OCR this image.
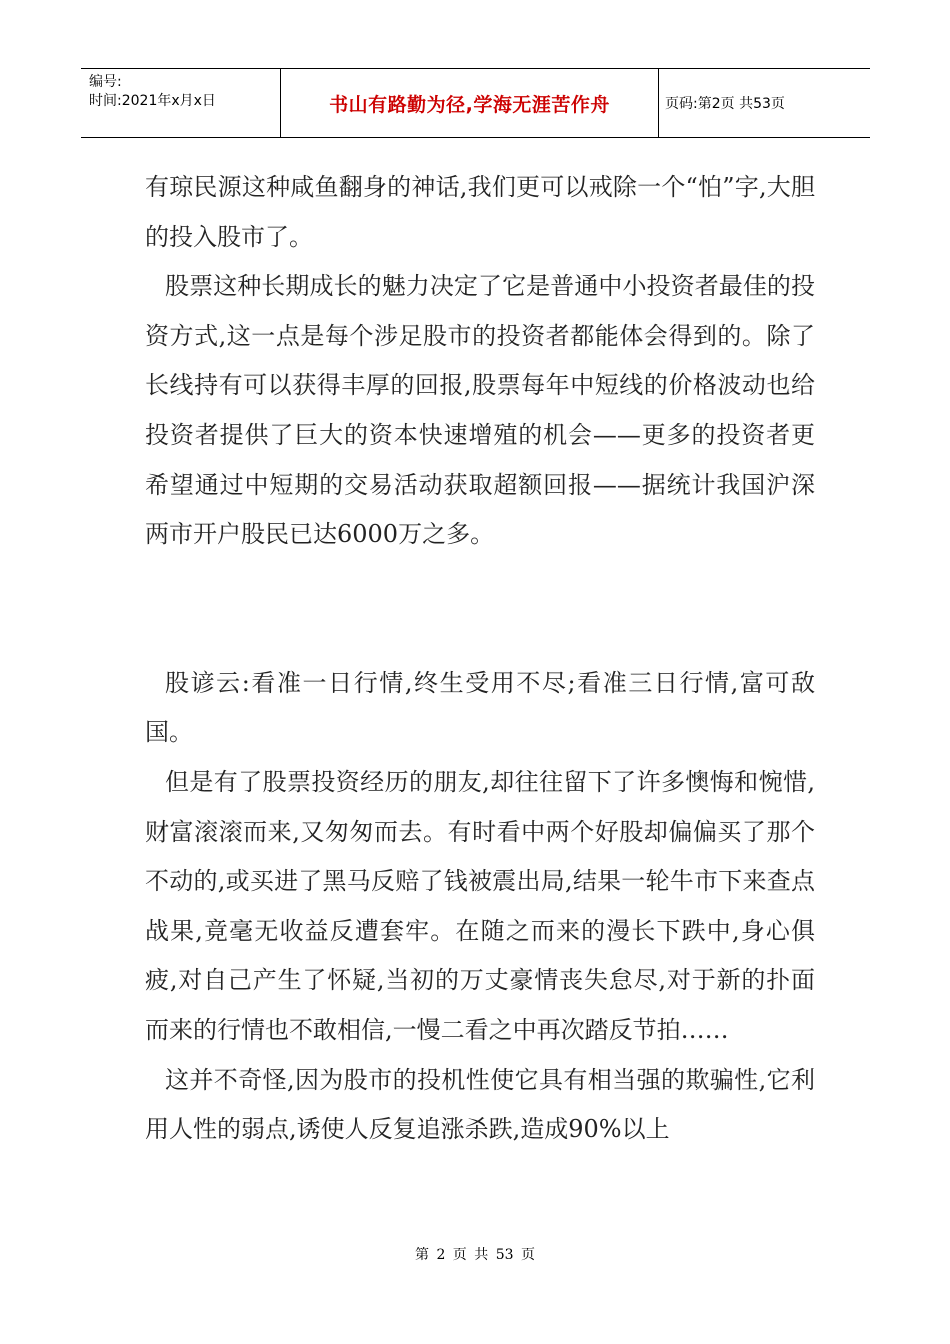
编号:
时间:2021年x月x日	书山有路勤为径,学海无涯苦作舟	页码:第2页 共53页

有琼民源这种咸鱼翻身的神话,我们更可以戒除一个“怕”字,大胆的投入股市了。

股票这种长期成长的魅力决定了它是普通中小投资者最佳的投资方式,这一点是每个涉足股市的投资者都能体会得到的。除了长线持有可以获得丰厚的回报,股票每年中短线的价格波动也给投资者提供了巨大的资本快速增殖的机会——更多的投资者更希望通过中短期的交易活动获取超额回报——据统计我国沪深两市开户股民已达6000万之多。

股谚云:看准一日行情,终生受用不尽;看准三日行情,富可敌国。

但是有了股票投资经历的朋友,却往往留下了许多懊悔和惋惜,财富滚滚而来,又匆匆而去。有时看中两个好股却偏偏买了那个不动的,或买进了黑马反赔了钱被震出局,结果一轮牛市下来查点战果,竟毫无收益反遭套牢。在随之而来的漫长下跌中,身心俱疲,对自己产生了怀疑,当初的万丈豪情丧失怠尽,对于新的扑面而来的行情也不敢相信,一慢二看之中再次踏反节拍……

这并不奇怪,因为股市的投机性使它具有相当强的欺骗性,它利用人性的弱点,诱使人反复追涨杀跌,造成90%以上

第 2 页 共 53 页
